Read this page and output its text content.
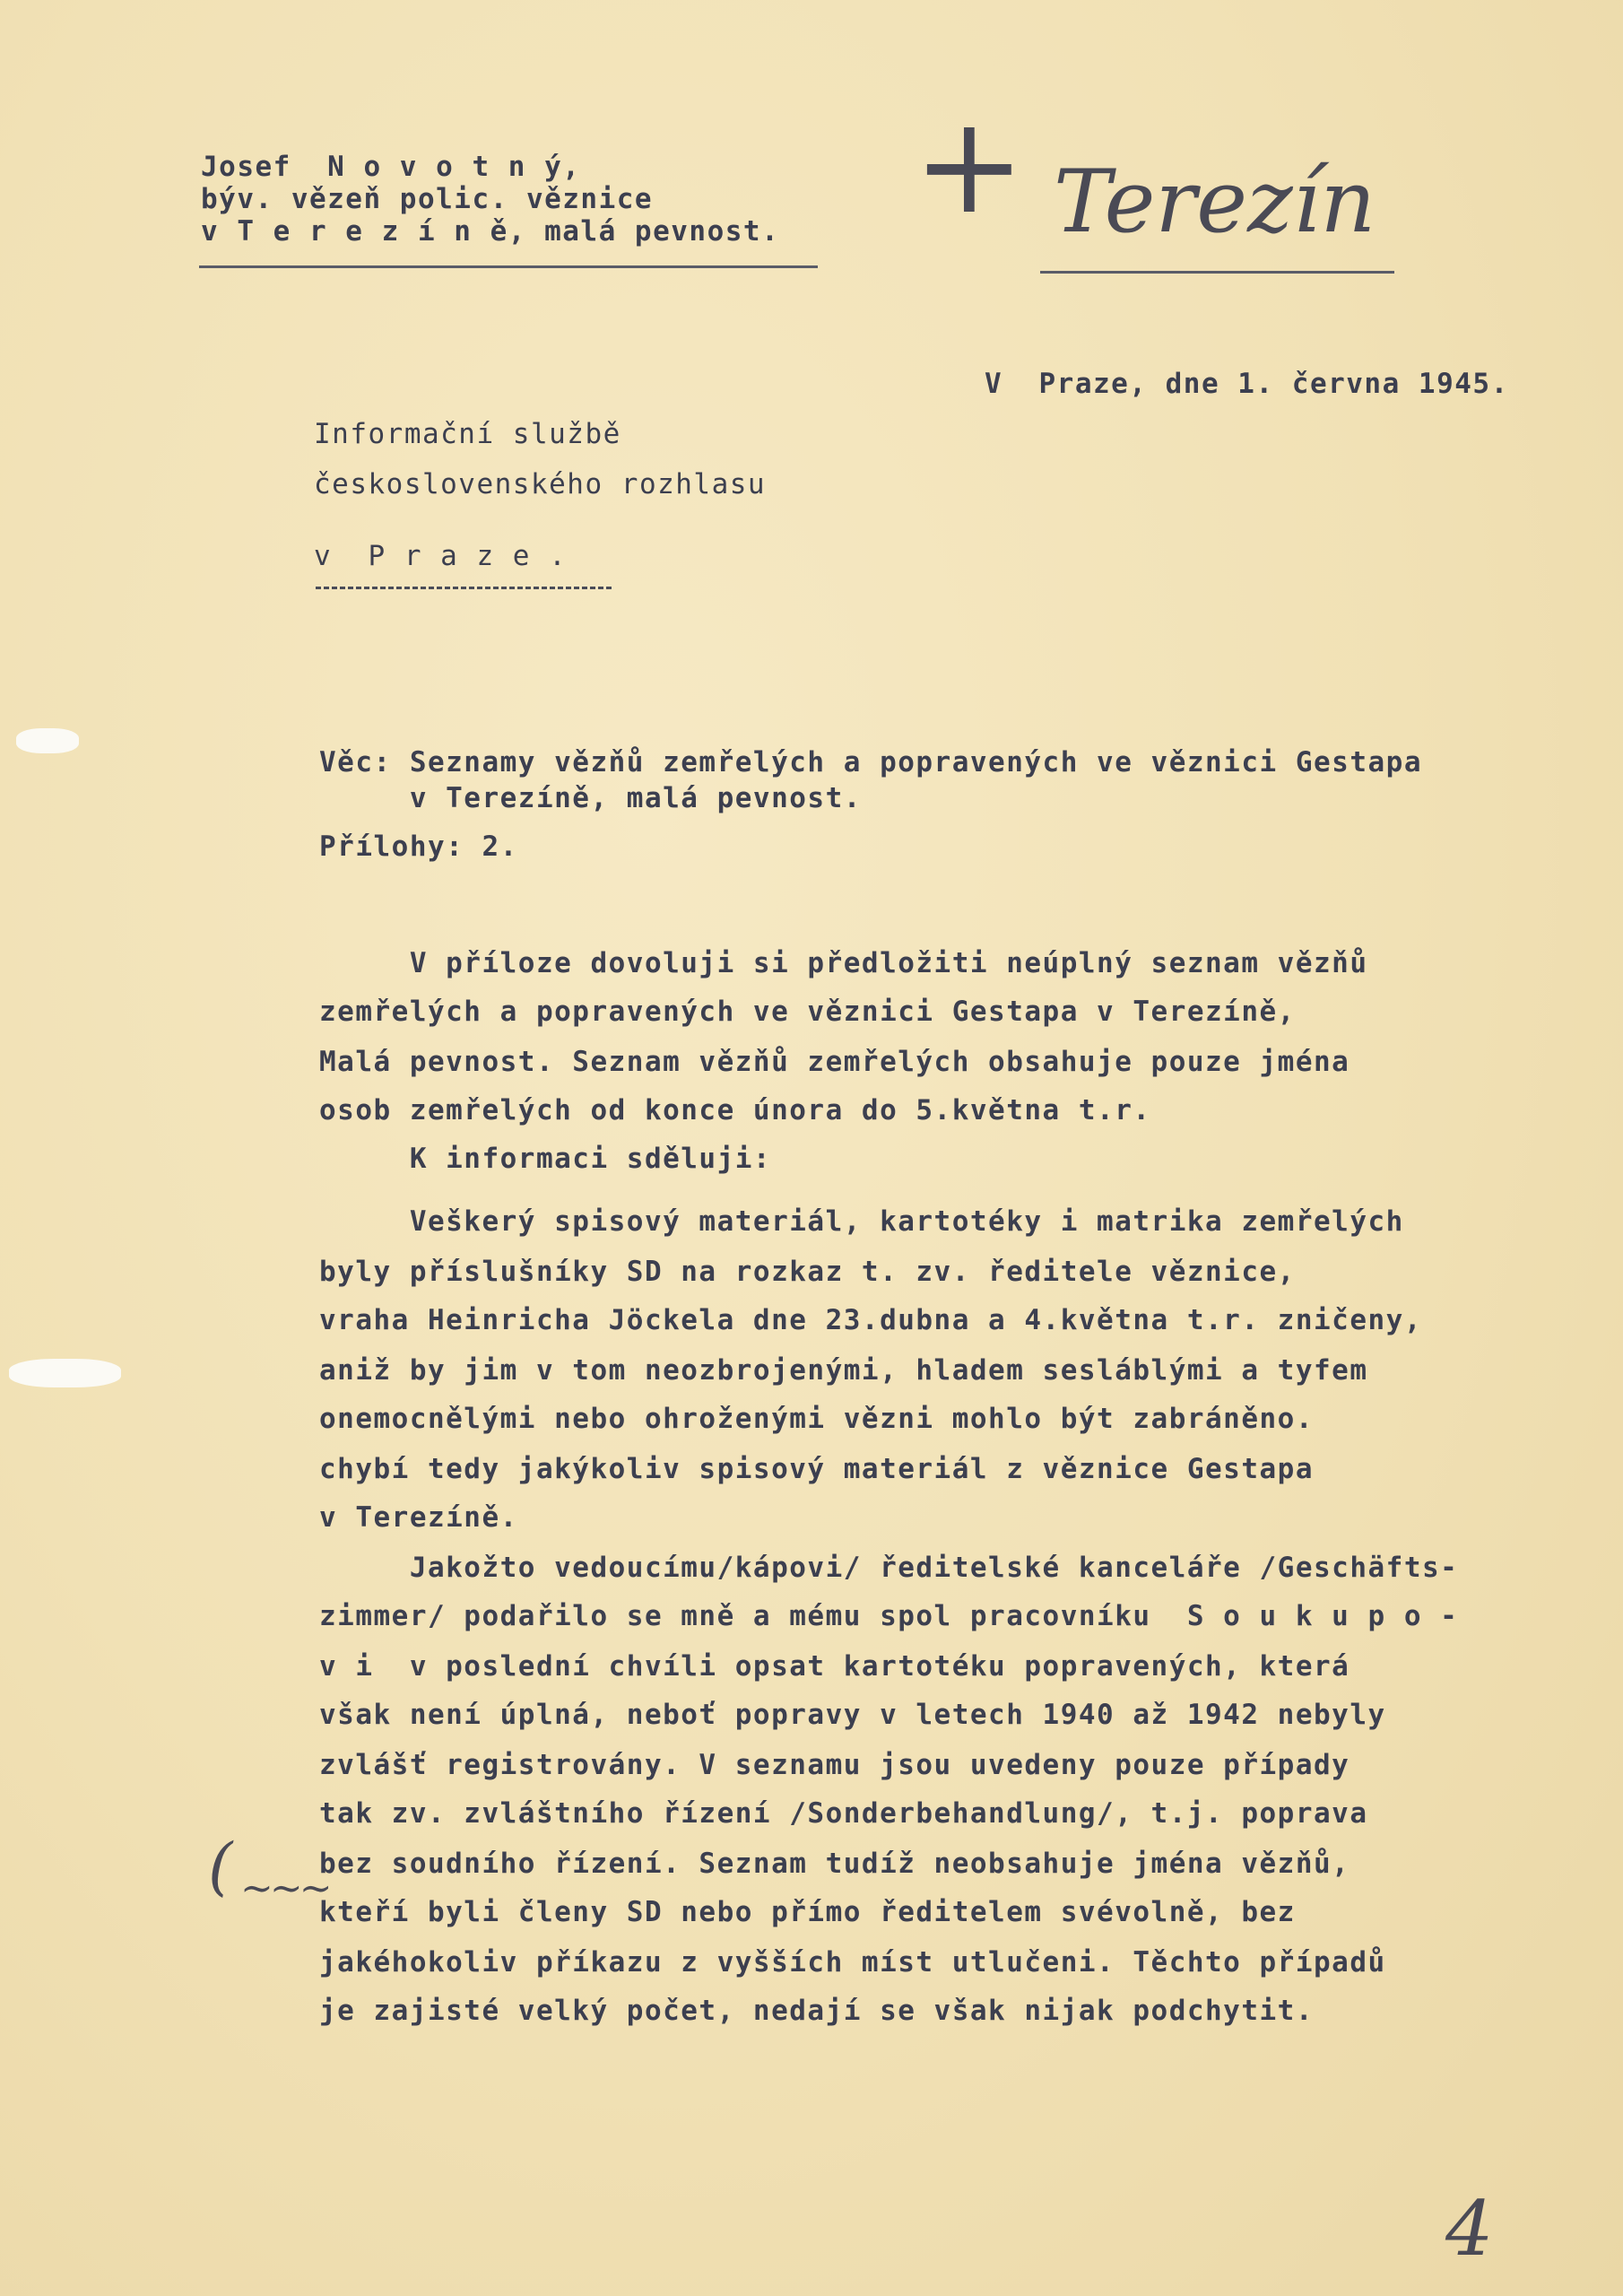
Josef  N o v o t n ý,
býv. vězeň polic. věznice
v T e r e z í n ě, malá pevnost. + Terezín
V  Praze, dne 1. června 1945.
Informační službě
československého rozhlasu
v  P r a z e .
Věc: Seznamy vězňů zemřelých a popravených ve věznici Gestapa
v Terezíně, malá pevnost.
Přílohy: 2.
V příloze dovoluji si předložiti neúplný seznam vězňů
zemřelých a popravených ve věznici Gestapa v Terezíně,
Malá pevnost. Seznam vězňů zemřelých obsahuje pouze jména
osob zemřelých od konce února do 5.května t.r.
K informaci sděluji:
Veškerý spisový materiál, kartotéky i matrika zemřelých
byly příslušníky SD na rozkaz t. zv. ředitele věznice,
vraha Heinricha Jöckela dne 23.dubna a 4.května t.r. zničeny,
aniž by jim v tom neozbrojenými, hladem sesláblými a tyfem
onemocnělými nebo ohroženými vězni mohlo být zabráněno.
chybí tedy jakýkoliv spisový materiál z věznice Gestapa
v Terezíně.
Jakožto vedoucímu/kápovi/ ředitelské kanceláře /Geschäfts-
zimmer/ podařilo se mně a mému spol pracovníku  S o u k u p o -
v i  v poslední chvíli opsat kartotéku popravených, která
však není úplná, neboť popravy v letech 1940 až 1942 nebyly
zvlášť registrovány. V seznamu jsou uvedeny pouze případy
tak zv. zvláštního řízení /Sonderbehandlung/, t.j. poprava
bez soudního řízení. Seznam tudíž neobsahuje jména vězňů,
kteří byli členy SD nebo přímo ředitelem svévolně, bez
jakéhokoliv příkazu z vyšších míst utlučeni. Těchto případů
je zajisté velký počet, nedají se však nijak podchytit.
( ~~~
4
